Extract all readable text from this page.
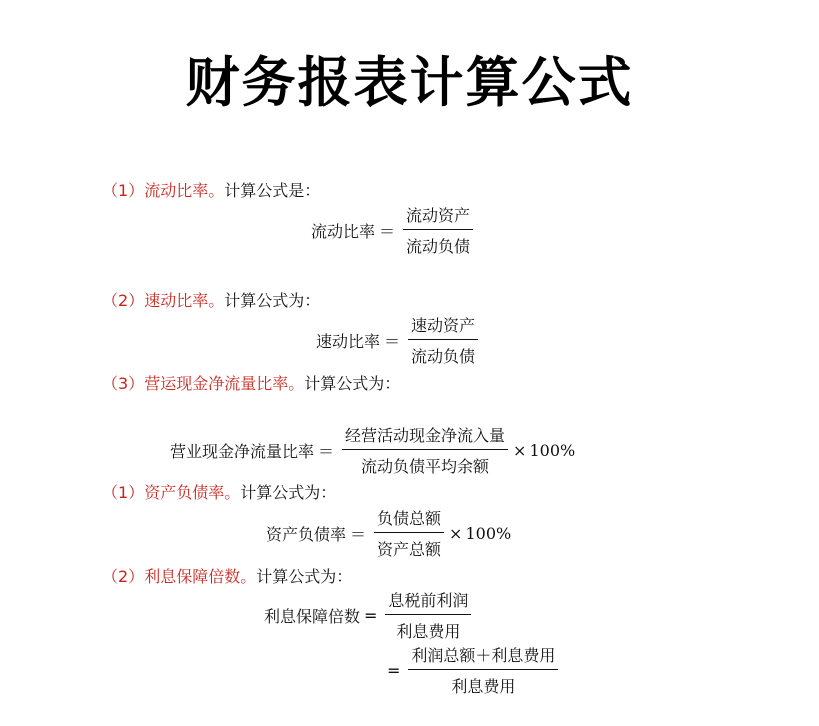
财务报表计算公式
（1）流动比率。计算公式是：
流动比率 ＝ $\frac{\text{流动资产}}{\text{流动负债}}$
（2）速动比率。计算公式为：
速动比率 ＝ $\frac{\text{速动资产}}{\text{流动负债}}$
（3）营运现金净流量比率。计算公式为：
营业现金净流量比率 ＝ $\frac{\text{经营活动现金净流入量}}{\text{流动负债平均余额}} \times 100\%$
（1）资产负债率。计算公式为：
资产负债率 ＝ $\frac{\text{负债总额}}{\text{资产总额}} \times 100\%$
（2）利息保障倍数。计算公式为：
利息保障倍数 = $\frac{\text{息税前利润}}{\text{利息费用}}$
= $\frac{\text{利润总额＋利息费用}}{\text{利息费用}}$
